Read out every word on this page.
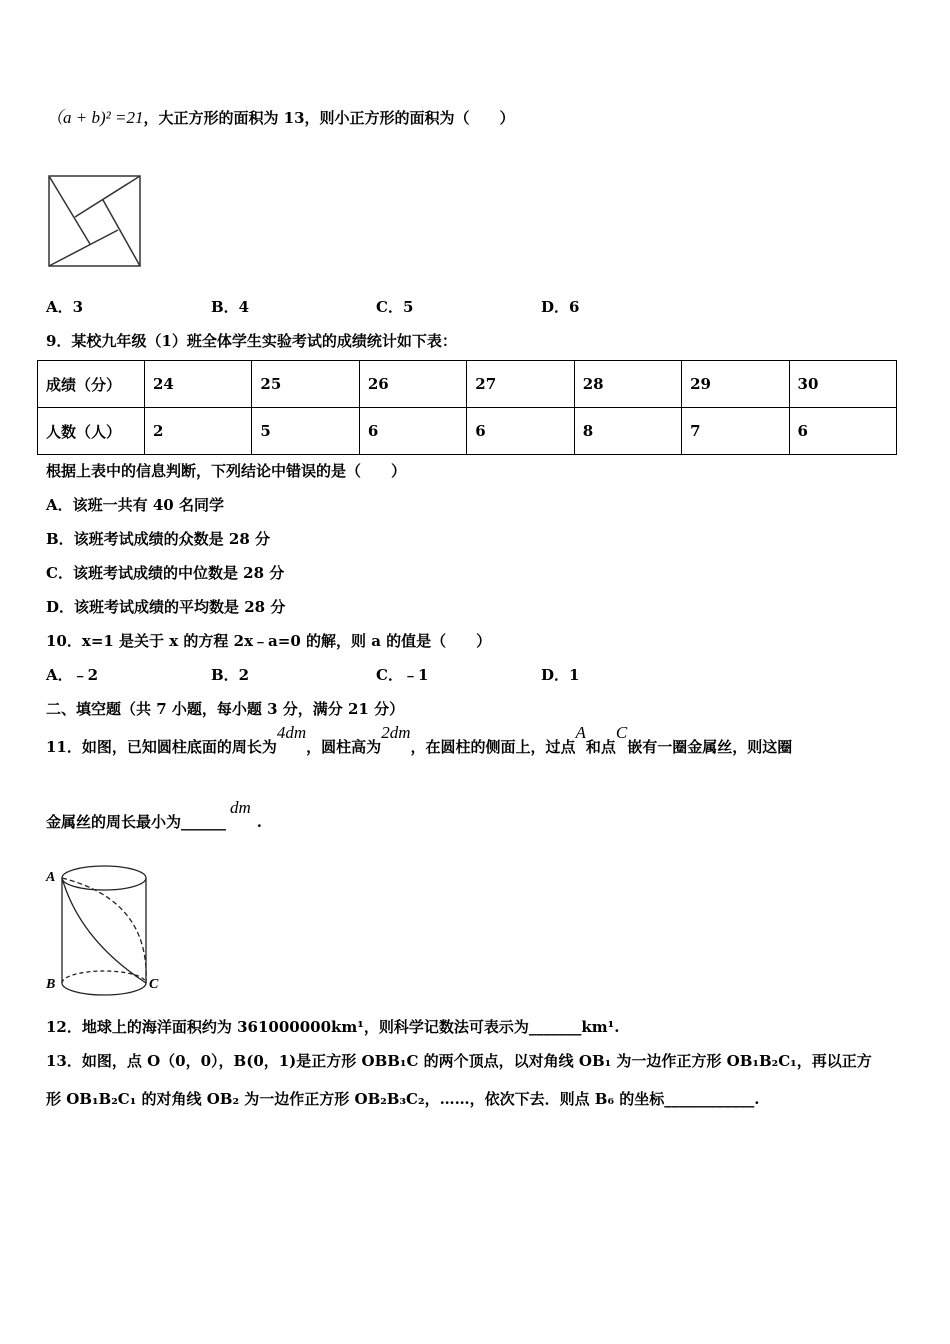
（a + b)² =21，大正方形的面积为 13，则小正方形的面积为（　　）
A．3	B．4	C．5	D．6
9．某校九年级（1）班全体学生实验考试的成绩统计如下表：
成绩（分）	24	25	26	27	28	29	30
人数（人）	2	5	6	6	8	7	6
根据上表中的信息判断，下列结论中错误的是（　　）
A．该班一共有 40 名同学
B．该班考试成绩的众数是 28 分
C．该班考试成绩的中位数是 28 分
D．该班考试成绩的平均数是 28 分
10．x=1 是关于 x 的方程 2x﹣a=0 的解，则 a 的值是（　　）
A．﹣2	B．2	C．﹣1	D．1
二、填空题（共 7 小题，每小题 3 分，满分 21 分）
11．如图，已知圆柱底面的周长为4dm，圆柱高为2dm，在圆柱的侧面上，过点A和点C嵌有一圈金属丝，则这圈
金属丝的周长最小为______dm.
A
B	C
12．地球上的海洋面积约为 361000000km¹，则科学记数法可表示为_______km¹.
13．如图，点 O（0，0），B(0，1)是正方形 OBB₁C 的两个顶点，以对角线 OB₁ 为一边作正方形 OB₁B₂C₁，再以正方
形 OB₁B₂C₁ 的对角线 OB₂ 为一边作正方形 OB₂B₃C₂，……，依次下去．则点 B₆ 的坐标____________.
